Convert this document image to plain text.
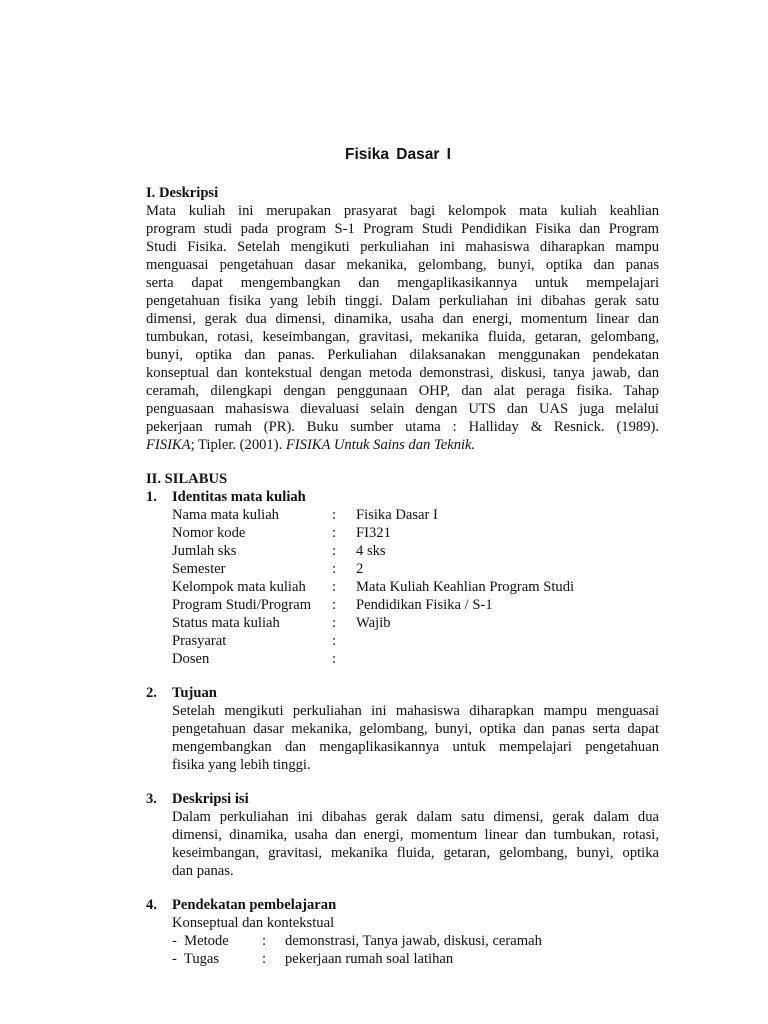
Fisika Dasar I
I. Deskripsi
Mata kuliah ini merupakan prasyarat bagi kelompok mata kuliah keahlian
program studi pada program S-1 Program Studi Pendidikan Fisika dan Program
Studi Fisika. Setelah mengikuti perkuliahan ini mahasiswa diharapkan mampu
menguasai pengetahuan dasar mekanika, gelombang, bunyi, optika dan panas
serta dapat mengembangkan dan mengaplikasikannya untuk mempelajari
pengetahuan fisika yang lebih tinggi. Dalam perkuliahan ini dibahas gerak satu
dimensi, gerak dua dimensi, dinamika, usaha dan energi, momentum linear dan
tumbukan, rotasi, keseimbangan, gravitasi, mekanika fluida, getaran, gelombang,
bunyi, optika dan panas. Perkuliahan dilaksanakan menggunakan pendekatan
konseptual dan kontekstual dengan metoda demonstrasi, diskusi, tanya jawab, dan
ceramah, dilengkapi dengan penggunaan OHP, dan alat peraga fisika. Tahap
penguasaan mahasiswa dievaluasi selain dengan UTS dan UAS juga melalui
pekerjaan rumah (PR). Buku sumber utama : Halliday & Resnick. (1989).
FISIKA; Tipler. (2001). FISIKA Untuk Sains dan Teknik.
II. SILABUS
1. Identitas mata kuliah
Nama mata kuliah	: Fisika Dasar I
Nomor kode	: FI321
Jumlah sks	: 4 sks
Semester	: 2
Kelompok mata kuliah : Mata Kuliah Keahlian Program Studi
Program Studi/Program : Pendidikan Fisika / S-1
Status mata kuliah	: Wajib
Prasyarat	:
Dosen	:
2. Tujuan
Setelah mengikuti perkuliahan ini mahasiswa diharapkan mampu menguasai
pengetahuan dasar mekanika, gelombang, bunyi, optika dan panas serta dapat
mengembangkan dan mengaplikasikannya untuk mempelajari pengetahuan
fisika yang lebih tinggi.
3. Deskripsi isi
Dalam perkuliahan ini dibahas gerak dalam satu dimensi, gerak dalam dua
dimensi, dinamika, usaha dan energi, momentum linear dan tumbukan, rotasi,
keseimbangan, gravitasi, mekanika fluida, getaran, gelombang, bunyi, optika
dan panas.
4. Pendekatan pembelajaran
Konseptual dan kontekstual
- Metode : demonstrasi, Tanya jawab, diskusi, ceramah
- Tugas	: pekerjaan rumah soal latihan
